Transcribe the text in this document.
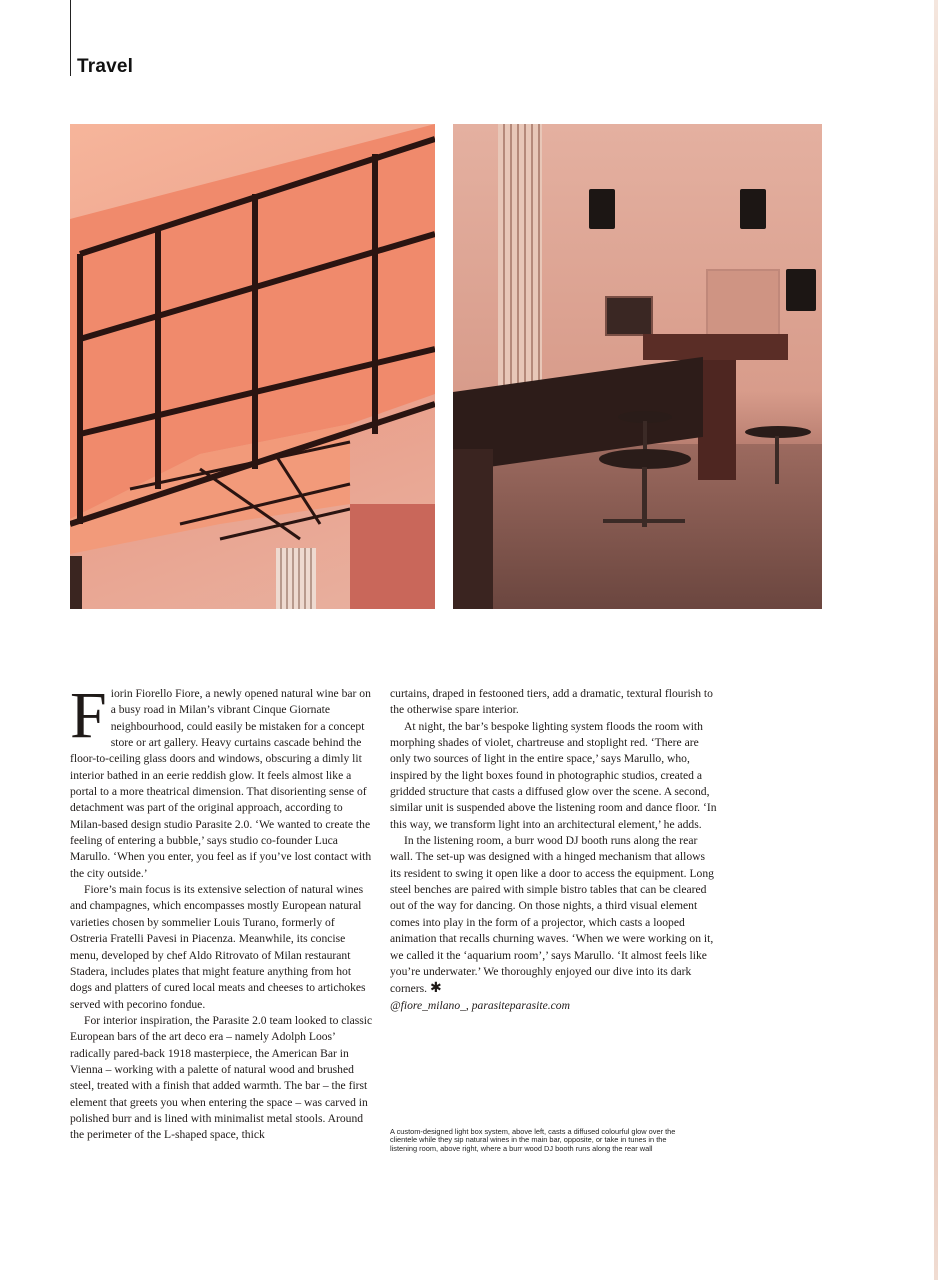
Travel

Fiorin Fiorello Fiore, a newly opened natural wine bar on a busy road in Milan’s vibrant Cinque Giornate neighbourhood, could easily be mistaken for a concept store or art gallery. Heavy curtains cascade behind the floor-to-ceiling glass doors and windows, obscuring a dimly lit interior bathed in an eerie reddish glow. It feels almost like a portal to a more theatrical dimension. That disorienting sense of detachment was part of the original approach, according to Milan-based design studio Parasite 2.0. ‘We wanted to create the feeling of entering a bubble,’ says studio co-founder Luca Marullo. ‘When you enter, you feel as if you’ve lost contact with the city outside.’

Fiore’s main focus is its extensive selection of natural wines and champagnes, which encompasses mostly European natural varieties chosen by sommelier Louis Turano, formerly of Ostreria Fratelli Pavesi in Piacenza. Meanwhile, its concise menu, developed by chef Aldo Ritrovato of Milan restaurant Stadera, includes plates that might feature anything from hot dogs and platters of cured local meats and cheeses to artichokes served with pecorino fondue.

For interior inspiration, the Parasite 2.0 team looked to classic European bars of the art deco era – namely Adolph Loos’ radically pared-back 1918 masterpiece, the American Bar in Vienna – working with a palette of natural wood and brushed steel, treated with a finish that added warmth. The bar – the first element that greets you when entering the space – was carved in polished burr and is lined with minimalist metal stools. Around the perimeter of the L-shaped space, thick

curtains, draped in festooned tiers, add a dramatic, textural flourish to the otherwise spare interior.

At night, the bar’s bespoke lighting system floods the room with morphing shades of violet, chartreuse and stoplight red. ‘There are only two sources of light in the entire space,’ says Marullo, who, inspired by the light boxes found in photographic studios, created a gridded structure that casts a diffused glow over the scene. A second, similar unit is suspended above the listening room and dance floor. ‘In this way, we transform light into an architectural element,’ he adds.

In the listening room, a burr wood DJ booth runs along the rear wall. The set-up was designed with a hinged mechanism that allows its resident to swing it open like a door to access the equipment. Long steel benches are paired with simple bistro tables that can be cleared out of the way for dancing. On those nights, a third visual element comes into play in the form of a projector, which casts a looped animation that recalls churning waves. ‘When we were working on it, we called it the ‘aquarium room’,’ says Marullo. ‘It almost feels like you’re underwater.’ We thoroughly enjoyed our dive into its dark corners. ✱

@fiore_milano_, parasiteparasite.com

A custom-designed light box system, above left, casts a diffused colourful glow over the clientele while they sip natural wines in the main bar, opposite, or take in tunes in the listening room, above right, where a burr wood DJ booth runs along the rear wall
